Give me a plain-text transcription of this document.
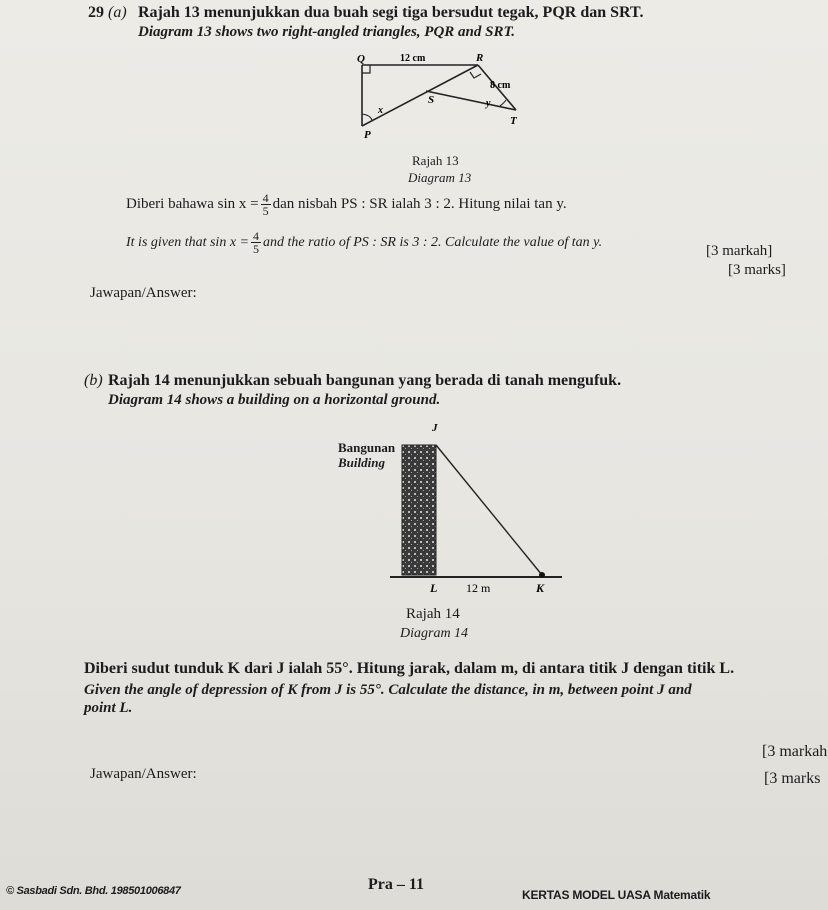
29 (a) Rajah 13 menunjukkan dua buah segi tiga bersudut tegak, PQR dan SRT.
Diagram 13 shows two right-angled triangles, PQR and SRT.
Q	12 cm	R
8 cm
S	y
T
x
P
Rajah 13
Diagram 13
Diberi bahawa $\sin x = \frac{4}{5}$ dan nisbah PS : SR ialah 3 : 2. Hitung nilai tan y.
It is given that $\sin x = \frac{4}{5}$ and the ratio of PS : SR is 3 : 2. Calculate the value of tan y.
[3 markah]
[3 marks]
Jawapan/Answer:
(b) Rajah 14 menunjukkan sebuah bangunan yang berada di tanah mengufuk.
Diagram 14 shows a building on a horizontal ground.
Bangunan
Building
J
L 12 m	K
Rajah 14
Diagram 14
Diberi sudut tunduk K dari J ialah 55°. Hitung jarak, dalam m, di antara titik J dengan titik L.
Given the angle of depression of K from J is 55°. Calculate the distance, in m, between point J and
point L.
[3 markah
Jawapan/Answer:	[3 marks
© Sasbadi Sdn. Bhd. 198501006847	Pra – 11
KERTAS MODEL UASA Matematik
